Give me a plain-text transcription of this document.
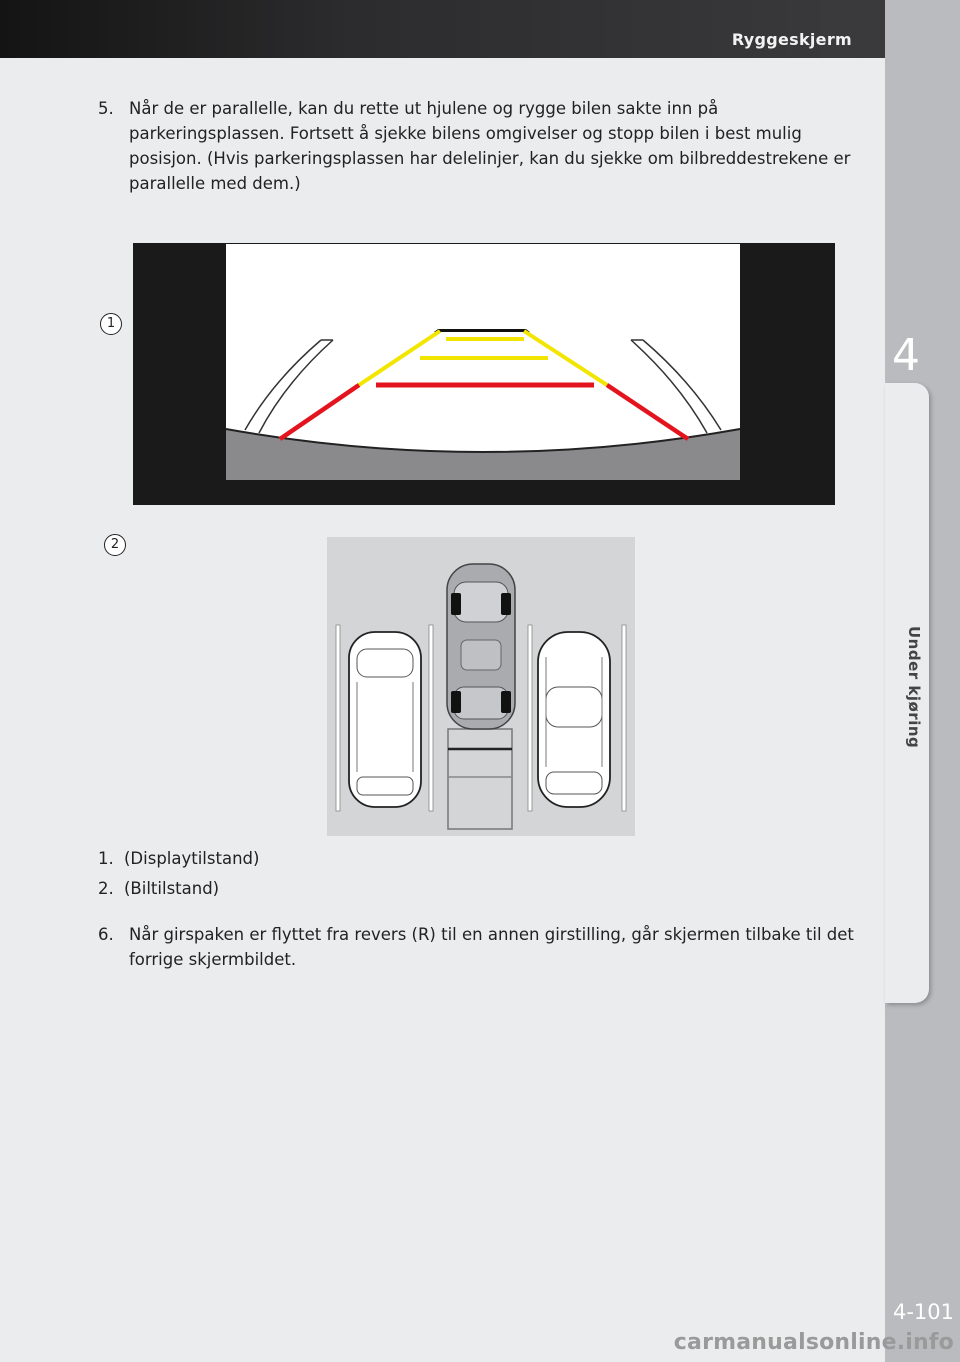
Ryggeskjerm
4
Under kjøring
5. Når de er parallelle, kan du rette ut hjulene og rygge bilen sakte inn på parkeringsplassen. Fortsett å sjekke bilens omgivelser og stopp bilen i best mulig posisjon. (Hvis parkeringsplassen har delelinjer, kan du sjekke om bilbreddestrekene er parallelle med dem.)
1
2
1. (Displaytilstand)
2. (Biltilstand)
6. Når girspaken er flyttet fra revers (R) til en annen girstilling, går skjermen tilbake til det forrige skjermbildet.
4-101
carmanualsonline.info
